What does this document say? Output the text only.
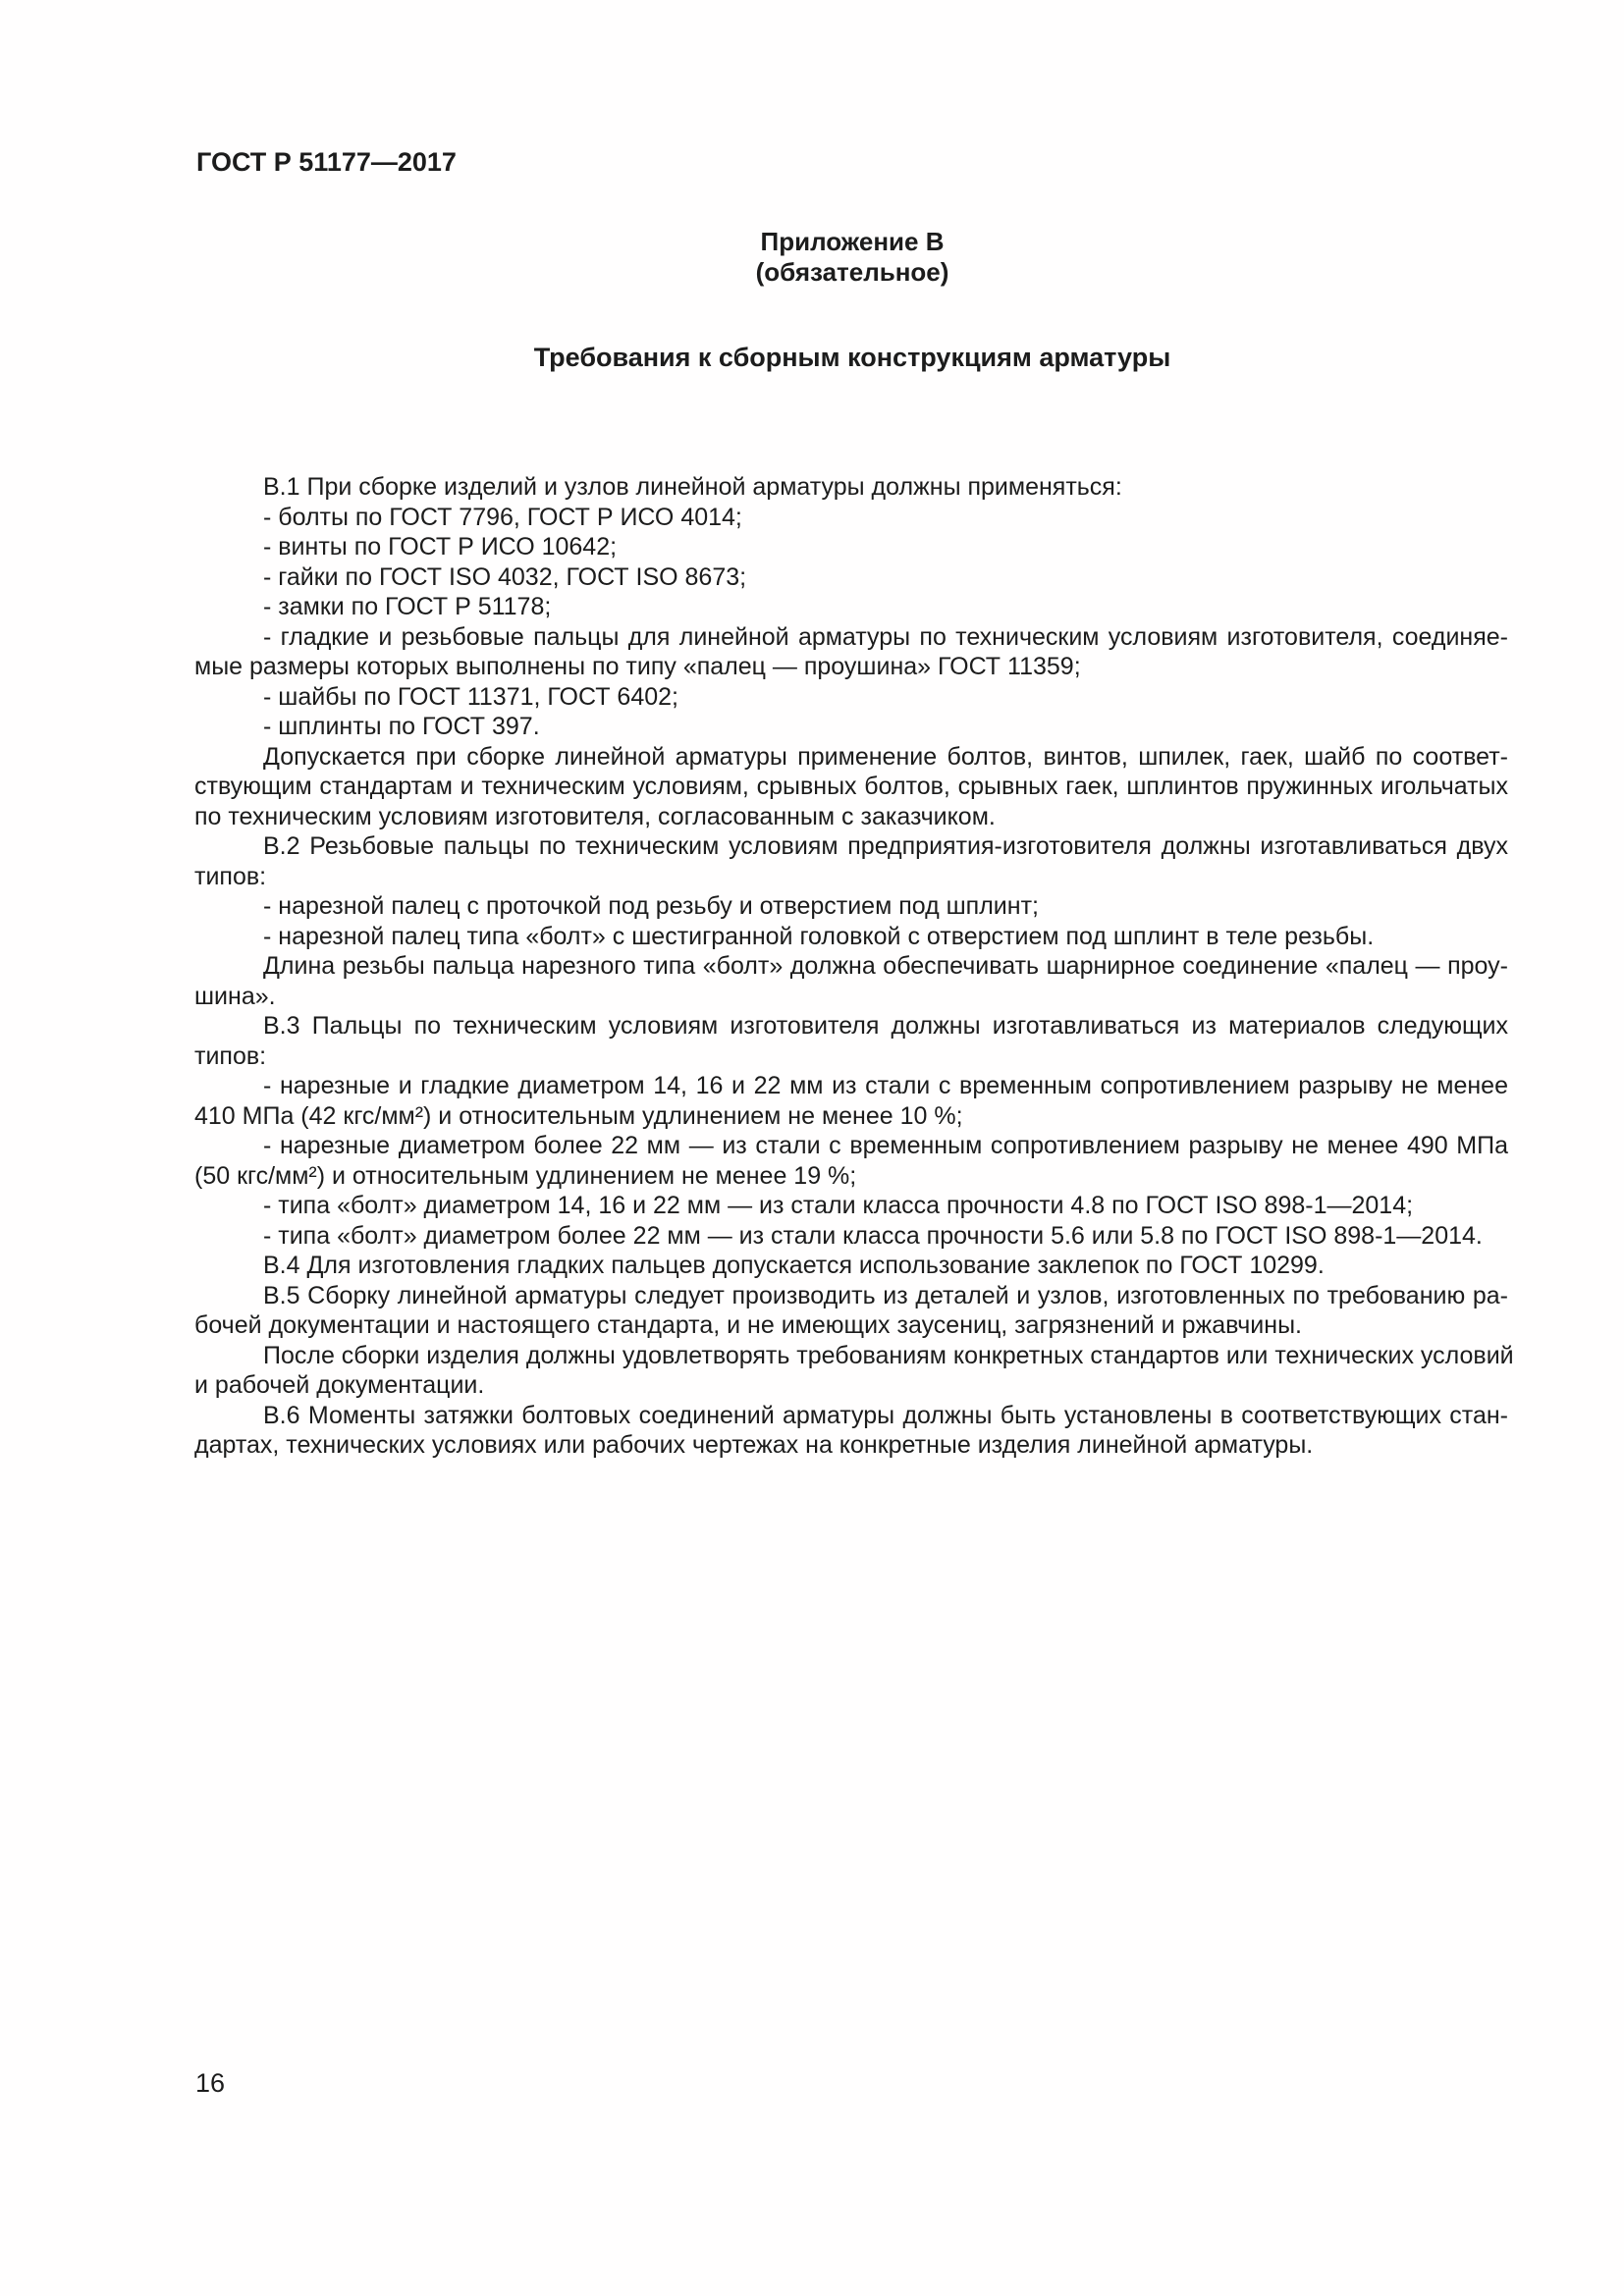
ГОСТ Р 51177—2017
Приложение В
(обязательное)
Требования к сборным конструкциям арматуры
В.1 При сборке изделий и узлов линейной арматуры должны применяться:
- болты по ГОСТ 7796, ГОСТ Р ИСО 4014;
- винты по ГОСТ Р ИСО 10642;
- гайки по ГОСТ ISO 4032, ГОСТ ISO 8673;
- замки по ГОСТ Р 51178;
- гладкие и резьбовые пальцы для линейной арматуры по техническим условиям изготовителя, соединяе-
мые размеры которых выполнены по типу «палец — проушина» ГОСТ 11359;
- шайбы по ГОСТ 11371, ГОСТ 6402;
- шплинты по ГОСТ 397.
Допускается при сборке линейной арматуры применение болтов, винтов, шпилек, гаек, шайб по соответ-
ствующим стандартам и техническим условиям, срывных болтов, срывных гаек, шплинтов пружинных игольчатых
по техническим условиям изготовителя, согласованным с заказчиком.
В.2 Резьбовые пальцы по техническим условиям предприятия-изготовителя должны изготавливаться двух
типов:
- нарезной палец с проточкой под резьбу и отверстием под шплинт;
- нарезной палец типа «болт» с шестигранной головкой с отверстием под шплинт в теле резьбы.
Длина резьбы пальца нарезного типа «болт» должна обеспечивать шарнирное соединение «палец — проу-
шина».
В.3 Пальцы по техническим условиям изготовителя должны изготавливаться из материалов следующих
типов:
- нарезные и гладкие диаметром 14, 16 и 22 мм из стали с временным сопротивлением разрыву не менее
410 МПа (42 кгс/мм²) и относительным удлинением не менее 10 %;
- нарезные диаметром более 22 мм — из стали с временным сопротивлением разрыву не менее 490 МПа
(50 кгс/мм²) и относительным удлинением не менее 19 %;
- типа «болт» диаметром 14, 16 и 22 мм — из стали класса прочности 4.8 по ГОСТ ISO 898-1—2014;
- типа «болт» диаметром более 22 мм — из стали класса прочности 5.6 или 5.8 по ГОСТ ISO 898-1—2014.
В.4 Для изготовления гладких пальцев допускается использование заклепок по ГОСТ 10299.
В.5 Сборку линейной арматуры следует производить из деталей и узлов, изготовленных по требованию ра-
бочей документации и настоящего стандарта, и не имеющих заусениц, загрязнений и ржавчины.
После сборки изделия должны удовлетворять требованиям конкретных стандартов или технических условий
и рабочей документации.
В.6 Моменты затяжки болтовых соединений арматуры должны быть установлены в соответствующих стан-
дартах, технических условиях или рабочих чертежах на конкретные изделия линейной арматуры.
16
